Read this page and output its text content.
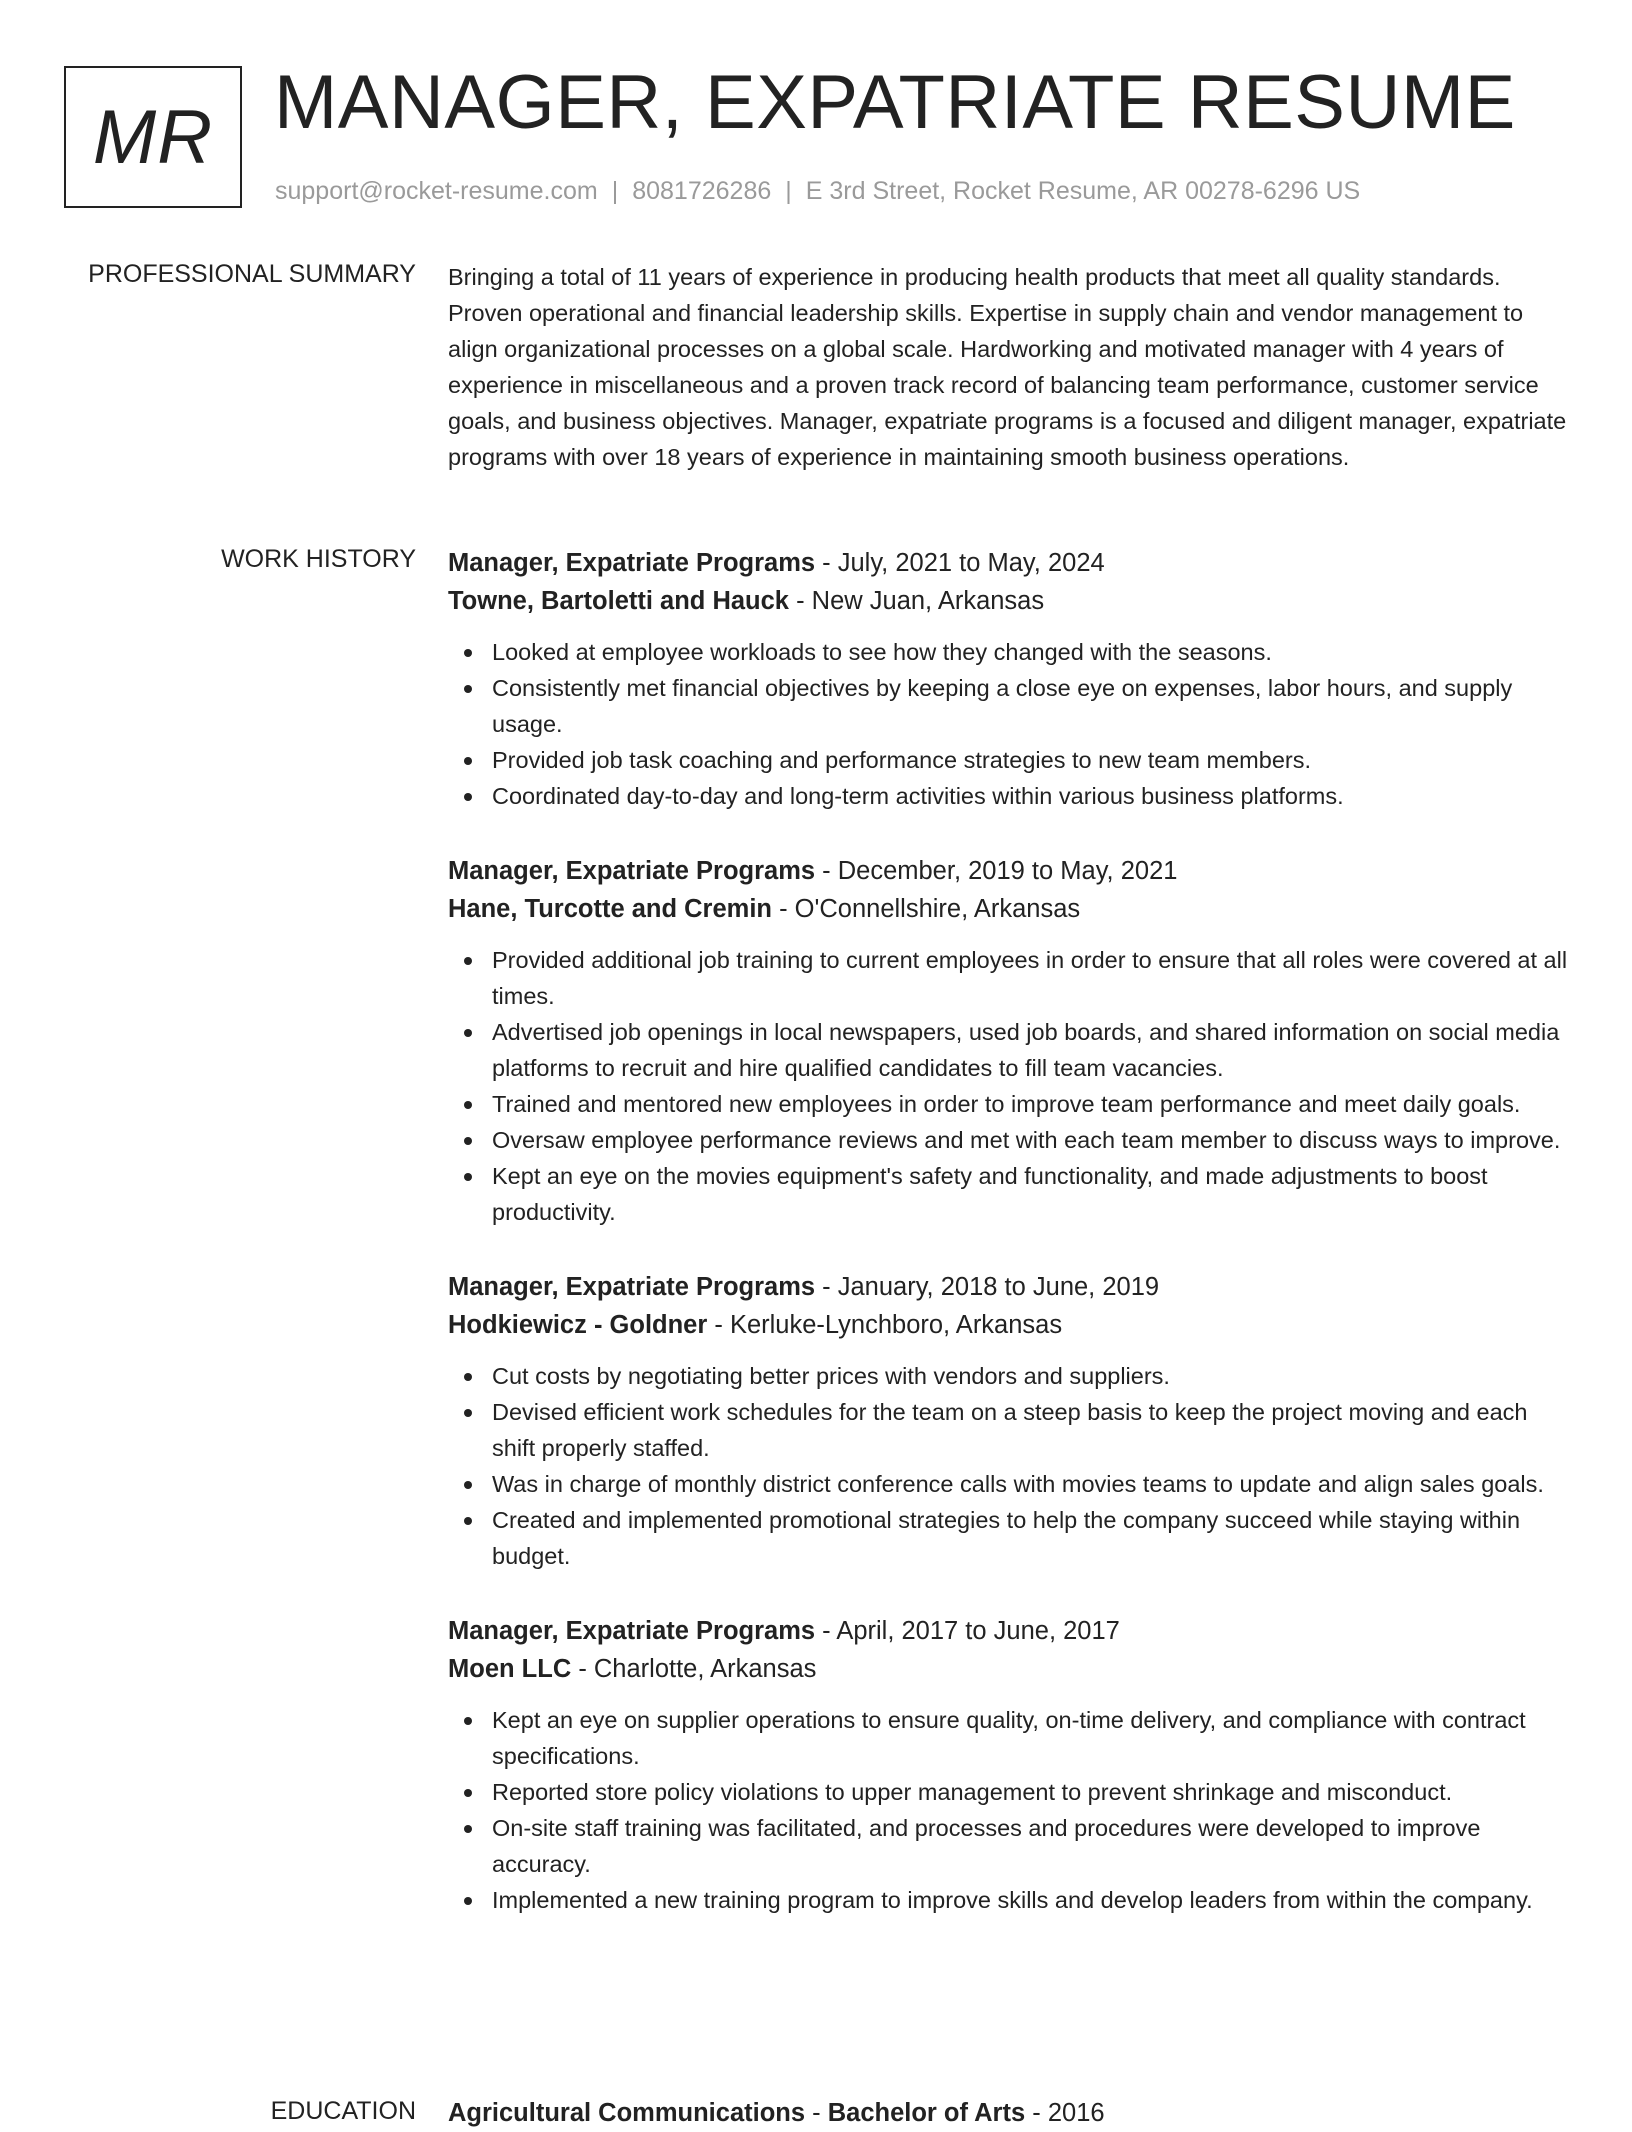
MR MANAGER, EXPATRIATE RESUME
support@rocket-resume.com | 8081726286 | E 3rd Street, Rocket Resume, AR 00278-6296 US
PROFESSIONAL SUMMARY Bringing a total of 11 years of experience in producing health products that meet all quality standards. Proven operational and financial leadership skills. Expertise in supply chain and vendor management to align organizational processes on a global scale. Hardworking and motivated manager with 4 years of experience in miscellaneous and a proven track record of balancing team performance, customer service goals, and business objectives. Manager, expatriate programs is a focused and diligent manager, expatriate programs with over 18 years of experience in maintaining smooth business operations.
WORK HISTORY Manager, Expatriate Programs - July, 2021 to May, 2024
Towne, Bartoletti and Hauck - New Juan, Arkansas
Looked at employee workloads to see how they changed with the seasons.
Consistently met financial objectives by keeping a close eye on expenses, labor hours, and supply usage.
Provided job task coaching and performance strategies to new team members.
Coordinated day-to-day and long-term activities within various business platforms.
Manager, Expatriate Programs - December, 2019 to May, 2021
Hane, Turcotte and Cremin - O'Connellshire, Arkansas
Provided additional job training to current employees in order to ensure that all roles were covered at all times.
Advertised job openings in local newspapers, used job boards, and shared information on social media platforms to recruit and hire qualified candidates to fill team vacancies.
Trained and mentored new employees in order to improve team performance and meet daily goals.
Oversaw employee performance reviews and met with each team member to discuss ways to improve.
Kept an eye on the movies equipment's safety and functionality, and made adjustments to boost productivity.
Manager, Expatriate Programs - January, 2018 to June, 2019
Hodkiewicz - Goldner - Kerluke-Lynchboro, Arkansas
Cut costs by negotiating better prices with vendors and suppliers.
Devised efficient work schedules for the team on a steep basis to keep the project moving and each shift properly staffed.
Was in charge of monthly district conference calls with movies teams to update and align sales goals.
Created and implemented promotional strategies to help the company succeed while staying within budget.
Manager, Expatriate Programs - April, 2017 to June, 2017
Moen LLC - Charlotte, Arkansas
Kept an eye on supplier operations to ensure quality, on-time delivery, and compliance with contract specifications.
Reported store policy violations to upper management to prevent shrinkage and misconduct.
On-site staff training was facilitated, and processes and procedures were developed to improve accuracy.
Implemented a new training program to improve skills and develop leaders from within the company.
EDUCATION Agricultural Communications - Bachelor of Arts - 2016
